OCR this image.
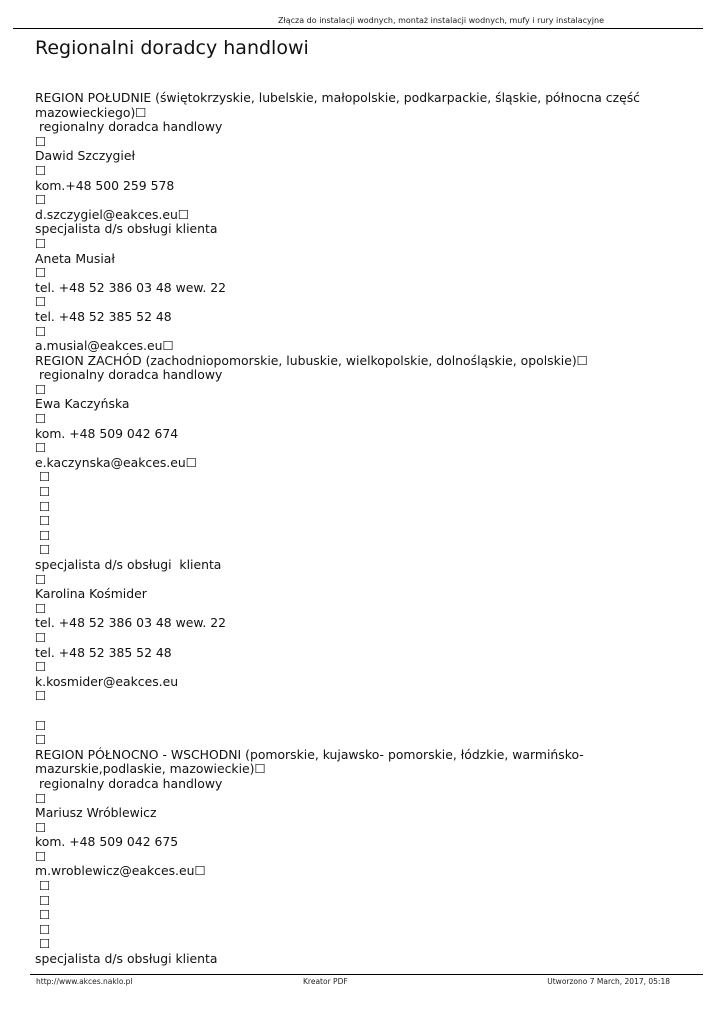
Złącza do instalacji wodnych, montaż instalacji wodnych, mufy i rury instalacyjne
Regionalni doradcy handlowi
REGION POŁUDNIE (świętokrzyskie, lubelskie, małopolskie, podkarpackie, śląskie, północna część mazowieckiego)☐
regionalny doradca handlowy
☐
Dawid Szczygieł
☐
kom.+48 500 259 578
☐
d.szczygiel@eakces.eu☐
specjalista d/s obsługi klienta
☐
Aneta Musiał
☐
tel. +48 52 386 03 48 wew. 22
☐
tel. +48 52 385 52 48
☐
a.musial@eakces.eu☐
REGION ZACHÓD (zachodniopomorskie, lubuskie, wielkopolskie, dolnośląskie, opolskie)☐
regionalny doradca handlowy
☐
Ewa Kaczyńska
☐
kom. +48 509 042 674
☐
e.kaczynska@eakces.eu☐
☐
☐
☐
☐
☐
☐
specjalista d/s obsługi  klienta
☐
Karolina Kośmider
☐
tel. +48 52 386 03 48 wew. 22
☐
tel. +48 52 385 52 48
☐
k.kosmider@eakces.eu
☐
☐
☐
REGION PÓŁNOCNO - WSCHODNI (pomorskie, kujawsko- pomorskie, łódzkie, warmińsko-mazurskie,podlaskie, mazowieckie)☐
regionalny doradca handlowy
☐
Mariusz Wróblewicz
☐
kom. +48 509 042 675
☐
m.wroblewicz@eakces.eu☐
☐
☐
☐
☐
☐
specjalista d/s obsługi klienta
http://www.akces.naklo.pl	Kreator PDF	Utworzono 7 March, 2017, 05:18
